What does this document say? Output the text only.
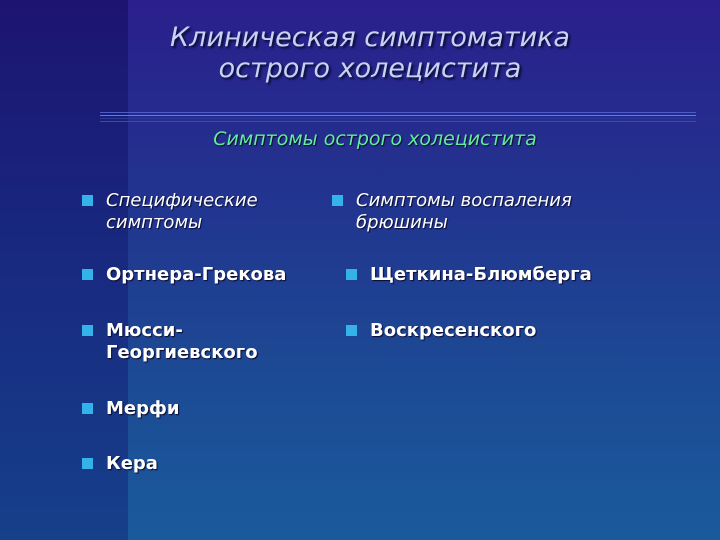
Клиническая симптоматика
острого холецистита
Симптомы острого холецистита
Специфические
симптомы
Ортнера-Грекова
Мюсси-
Георгиевского
Мерфи
Кера
Симптомы воспаления
брюшины
Щеткина-Блюмберга
Воскресенского
